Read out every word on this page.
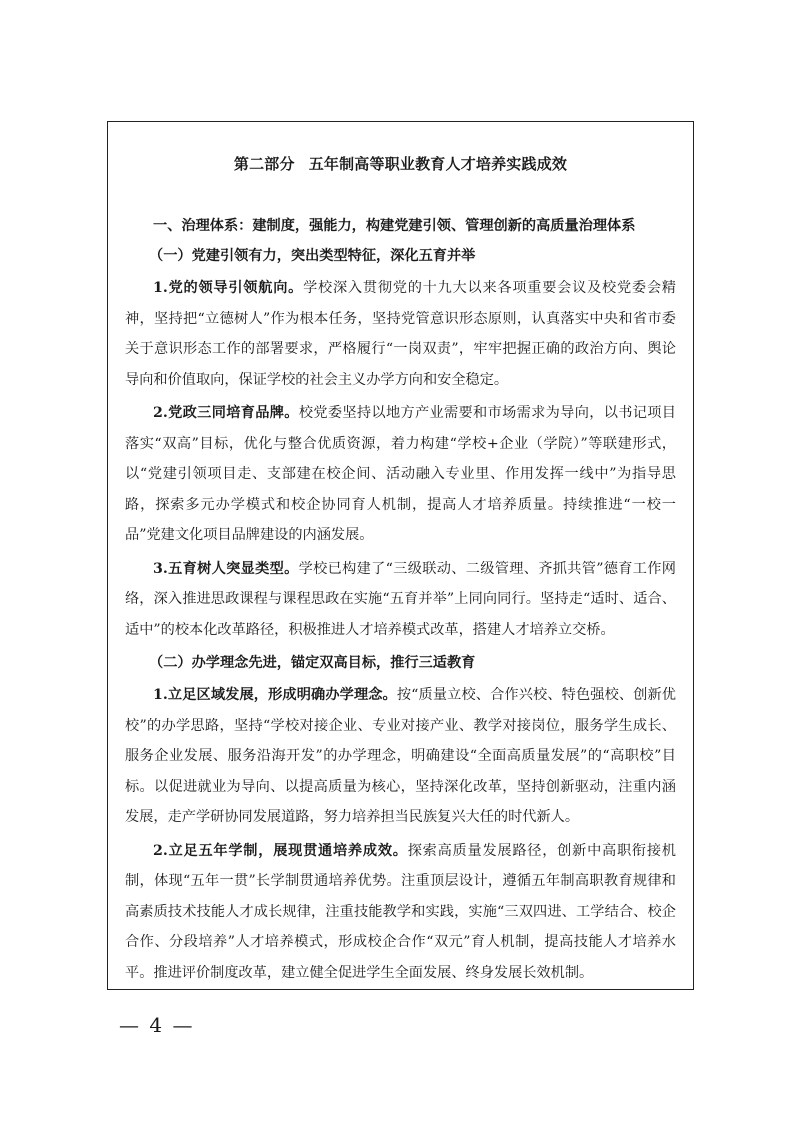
第二部分 五年制高等职业教育人才培养实践成效

一、治理体系：建制度，强能力，构建党建引领、管理创新的高质量治理体系

（一）党建引领有力，突出类型特征，深化五育并举

1.党的领导引领航向。学校深入贯彻党的十九大以来各项重要会议及校党委会精神，坚持把“立德树人”作为根本任务，坚持党管意识形态原则，认真落实中央和省市委关于意识形态工作的部署要求，严格履行“一岗双责”，牢牢把握正确的政治方向、舆论导向和价值取向，保证学校的社会主义办学方向和安全稳定。

2.党政三同培育品牌。校党委坚持以地方产业需要和市场需求为导向，以书记项目落实“双高”目标，优化与整合优质资源，着力构建“学校+企业（学院）”等联建形式，以“党建引领项目走、支部建在校企间、活动融入专业里、作用发挥一线中”为指导思路，探索多元办学模式和校企协同育人机制，提高人才培养质量。持续推进“一校一品”党建文化项目品牌建设的内涵发展。

3.五育树人突显类型。学校已构建了“三级联动、二级管理、齐抓共管”德育工作网络，深入推进思政课程与课程思政在实施“五育并举”上同向同行。坚持走“适时、适合、适中”的校本化改革路径，积极推进人才培养模式改革，搭建人才培养立交桥。

（二）办学理念先进，锚定双高目标，推行三适教育

1.立足区域发展，形成明确办学理念。按“质量立校、合作兴校、特色强校、创新优校”的办学思路，坚持“学校对接企业、专业对接产业、教学对接岗位，服务学生成长、服务企业发展、服务沿海开发”的办学理念，明确建设“全面高质量发展”的“高职校”目标。以促进就业为导向、以提高质量为核心，坚持深化改革，坚持创新驱动，注重内涵发展，走产学研协同发展道路，努力培养担当民族复兴大任的时代新人。

2.立足五年学制，展现贯通培养成效。探索高质量发展路径，创新中高职衔接机制，体现“五年一贯”长学制贯通培养优势。注重顶层设计，遵循五年制高职教育规律和高素质技术技能人才成长规律，注重技能教学和实践，实施“三双四进、工学结合、校企合作、分段培养”人才培养模式，形成校企合作“双元”育人机制，提高技能人才培养水平。推进评价制度改革，建立健全促进学生全面发展、终身发展长效机制。

— 4 —
